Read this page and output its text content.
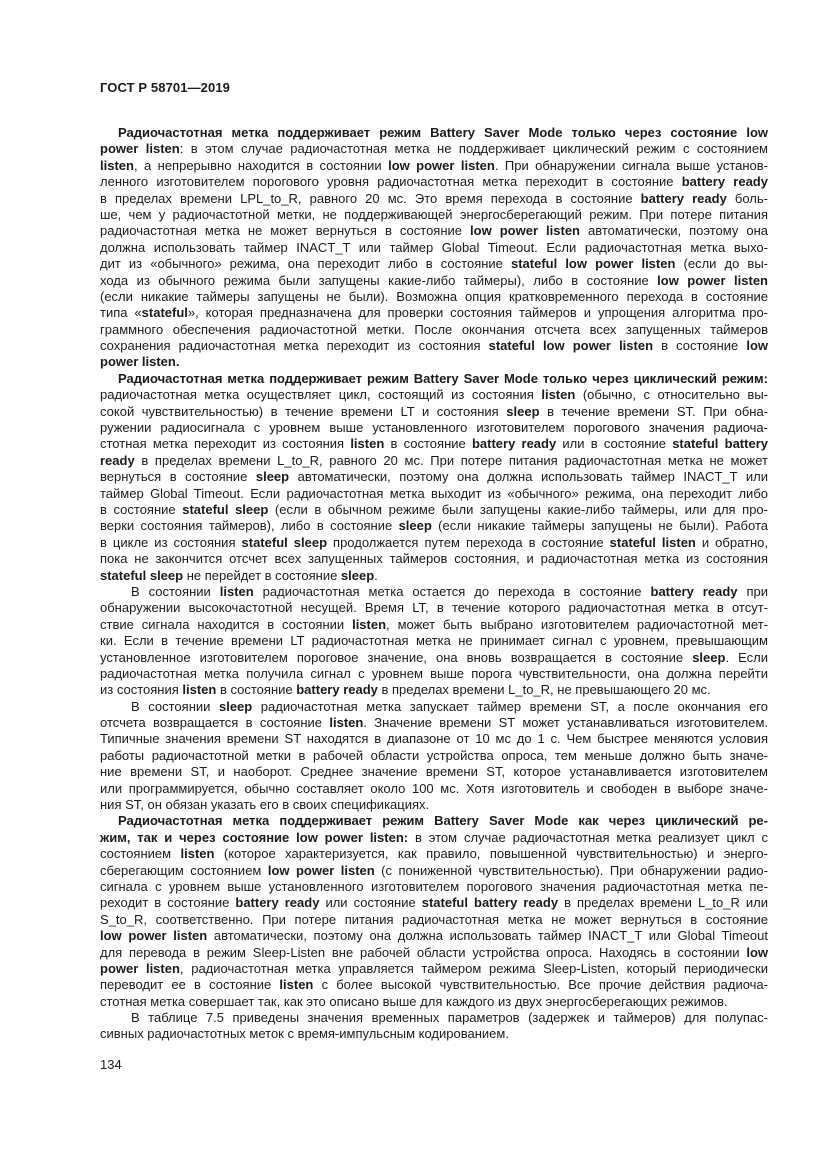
ГОСТ Р 58701—2019
Радиочастотная метка поддерживает режим Battery Saver Mode только через состояние low
power listen: в этом случае радиочастотная метка не поддерживает циклический режим с состоянием
listen, а непрерывно находится в состоянии low power listen. При обнаружении сигнала выше установ-
ленного изготовителем порогового уровня радиочастотная метка переходит в состояние battery ready
в пределах времени LPL_to_R, равного 20 мс. Это время перехода в состояние battery ready боль-
ше, чем у радиочастотной метки, не поддерживающей энергосберегающий режим. При потере питания
радиочастотная метка не может вернуться в состояние low power listen автоматически, поэтому она
должна использовать таймер INACT_T или таймер Global Timeout. Если радиочастотная метка выхо-
дит из «обычного» режима, она переходит либо в состояние stateful low power listen (если до вы-
хода из обычного режима были запущены какие-либо таймеры), либо в состояние low power listen
(если никакие таймеры запущены не были). Возможна опция кратковременного перехода в состояние
типа «stateful», которая предназначена для проверки состояния таймеров и упрощения алгоритма про-
граммного обеспечения радиочастотной метки. После окончания отсчета всех запущенных таймеров
сохранения радиочастотная метка переходит из состояния stateful low power listen в состояние low
power listen.
Радиочастотная метка поддерживает режим Battery Saver Mode только через циклический режим:
радиочастотная метка осуществляет цикл, состоящий из состояния listen (обычно, с относительно вы-
сокой чувствительностью) в течение времени LT и состояния sleep в течение времени ST. При обна-
ружении радиосигнала с уровнем выше установленного изготовителем порогового значения радиоча-
стотная метка переходит из состояния listen в состояние battery ready или в состояние stateful battery
ready в пределах времени L_to_R, равного 20 мс. При потере питания радиочастотная метка не может
вернуться в состояние sleep автоматически, поэтому она должна использовать таймер INACT_T или
таймер Global Timeout. Если радиочастотная метка выходит из «обычного» режима, она переходит либо
в состояние stateful sleep (если в обычном режиме были запущены какие-либо таймеры, или для про-
верки состояния таймеров), либо в состояние sleep (если никакие таймеры запущены не были). Работа
в цикле из состояния stateful sleep продолжается путем перехода в состояние stateful listen и обратно,
пока не закончится отсчет всех запущенных таймеров состояния, и радиочастотная метка из состояния
stateful sleep не перейдет в состояние sleep.
В состоянии listen радиочастотная метка остается до перехода в состояние battery ready при
обнаружении высокочастотной несущей. Время LT, в течение которого радиочастотная метка в отсут-
ствие сигнала находится в состоянии listen, может быть выбрано изготовителем радиочастотной мет-
ки. Если в течение времени LT радиочастотная метка не принимает сигнал с уровнем, превышающим
установленное изготовителем пороговое значение, она вновь возвращается в состояние sleep. Если
радиочастотная метка получила сигнал с уровнем выше порога чувствительности, она должна перейти
из состояния listen в состояние battery ready в пределах времени L_to_R, не превышающего 20 мс.
В состоянии sleep радиочастотная метка запускает таймер времени ST, а после окончания его
отсчета возвращается в состояние listen. Значение времени ST может устанавливаться изготовителем.
Типичные значения времени ST находятся в диапазоне от 10 мс до 1 с. Чем быстрее меняются условия
работы радиочастотной метки в рабочей области устройства опроса, тем меньше должно быть значе-
ние времени ST, и наоборот. Среднее значение времени ST, которое устанавливается изготовителем
или программируется, обычно составляет около 100 мс. Хотя изготовитель и свободен в выборе значе-
ния ST, он обязан указать его в своих спецификациях.
Радиочастотная метка поддерживает режим Battery Saver Mode как через циклический ре-
жим, так и через состояние low power listen: в этом случае радиочастотная метка реализует цикл с
состоянием listen (которое характеризуется, как правило, повышенной чувствительностью) и энерго-
сберегающим состоянием low power listen (с пониженной чувствительностью). При обнаружении радио-
сигнала с уровнем выше установленного изготовителем порогового значения радиочастотная метка пе-
реходит в состояние battery ready или состояние stateful battery ready в пределах времени L_to_R или
S_to_R, соответственно. При потере питания радиочастотная метка не может вернуться в состояние
low power listen автоматически, поэтому она должна использовать таймер INACT_T или Global Timeout
для перевода в режим Sleep-Listen вне рабочей области устройства опроса. Находясь в состоянии low
power listen, радиочастотная метка управляется таймером режима Sleep-Listen, который периодически
переводит ее в состояние listen с более высокой чувствительностью. Все прочие действия радиоча-
стотная метка совершает так, как это описано выше для каждого из двух энергосберегающих режимов.
В таблице 7.5 приведены значения временных параметров (задержек и таймеров) для полупас-
сивных радиочастотных меток с время-импульсным кодированием.
134
